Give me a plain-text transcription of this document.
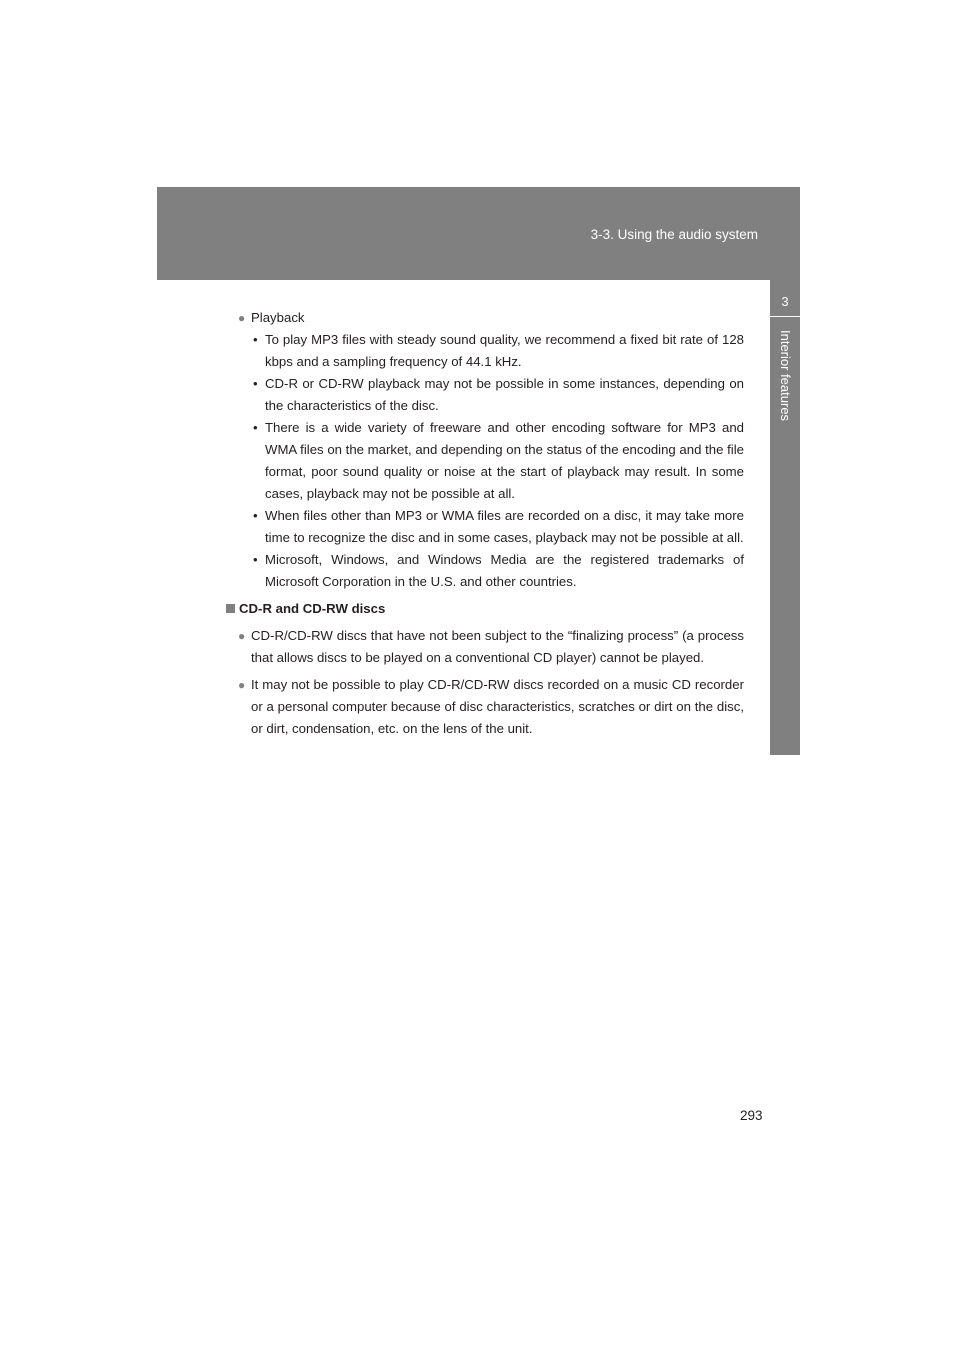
3-3. Using the audio system
3
Interior features
● Playback
• To play MP3 files with steady sound quality, we recommend a fixed bit rate of 128 kbps and a sampling frequency of 44.1 kHz.
• CD-R or CD-RW playback may not be possible in some instances, depending on the characteristics of the disc.
• There is a wide variety of freeware and other encoding software for MP3 and WMA files on the market, and depending on the status of the encoding and the file format, poor sound quality or noise at the start of playback may result. In some cases, playback may not be possible at all.
• When files other than MP3 or WMA files are recorded on a disc, it may take more time to recognize the disc and in some cases, playback may not be possible at all.
• Microsoft, Windows, and Windows Media are the registered trademarks of Microsoft Corporation in the U.S. and other countries.
CD-R and CD-RW discs
● CD-R/CD-RW discs that have not been subject to the “finalizing process” (a process that allows discs to be played on a conventional CD player) cannot be played.
● It may not be possible to play CD-R/CD-RW discs recorded on a music CD recorder or a personal computer because of disc characteristics, scratches or dirt on the disc, or dirt, condensation, etc. on the lens of the unit.
293
